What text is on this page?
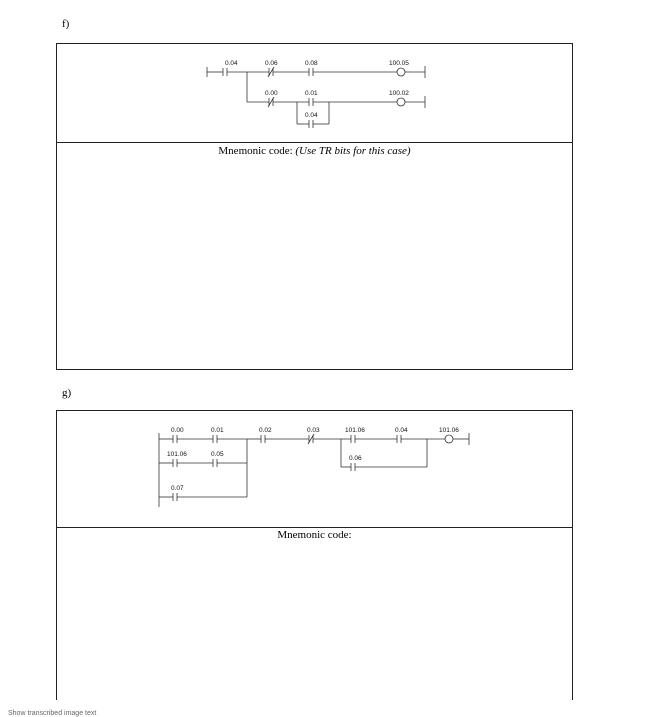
f)
0.04	0.06	0.08	100.05
0.00	0.01
0.04
100.02
Mnemonic code: (Use TR bits for this case)
g)
0.00	0.01
101.06	0.05
0.07
0.02	0.03	101.06	0.04
0.06
101.06
Mnemonic code:
Show transcribed image text
